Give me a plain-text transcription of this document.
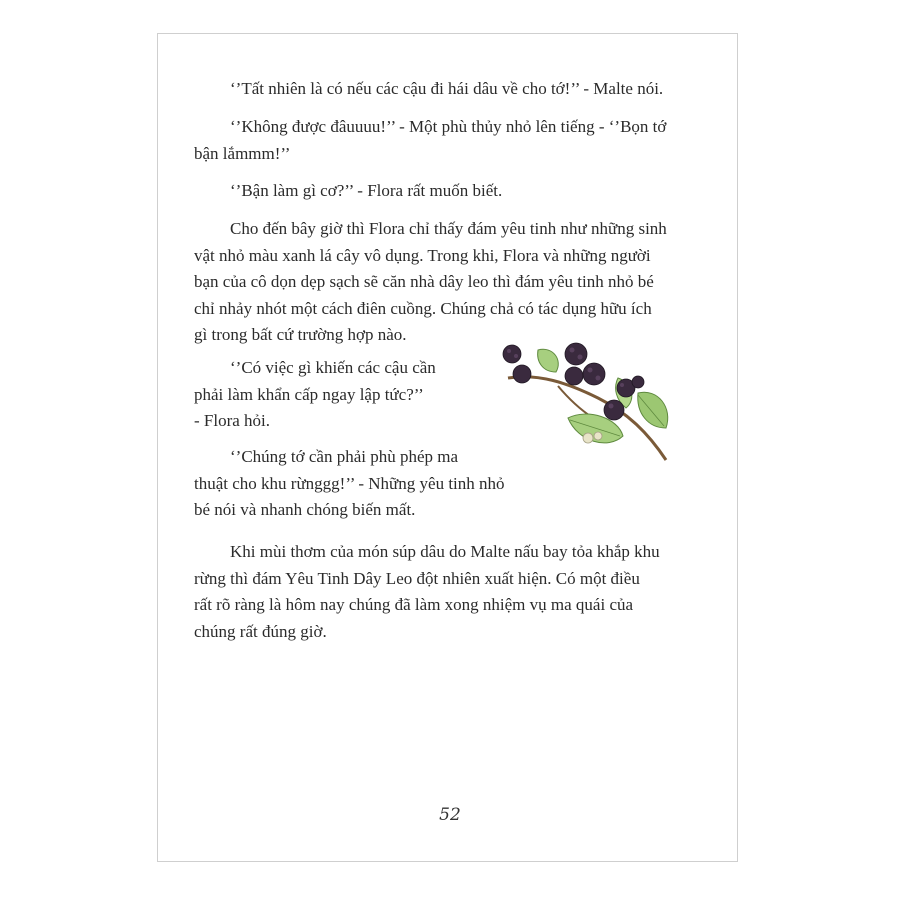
‘’Tất nhiên là có nếu các cậu đi hái dâu về cho tớ!’’ - Malte nói.

‘’Không được đâuuuu!’’ - Một phù thủy nhỏ lên tiếng - ‘’Bọn tớ
bận lắmmm!’’

‘’Bận làm gì cơ?’’ - Flora rất muốn biết.

Cho đến bây giờ thì Flora chỉ thấy đám yêu tinh như những sinh
vật nhỏ màu xanh lá cây vô dụng. Trong khi, Flora và những người
bạn của cô dọn dẹp sạch sẽ căn nhà dây leo thì đám yêu tinh nhỏ bé
chỉ nhảy nhót một cách điên cuồng. Chúng chả có tác dụng hữu ích
gì trong bất cứ trường hợp nào.

‘’Có việc gì khiến các cậu cần
phải làm khẩn cấp ngay lập tức?’’
- Flora hỏi.

‘’Chúng tớ cần phải phù phép ma
thuật cho khu rừnggg!’’ - Những yêu tinh nhỏ
bé nói và nhanh chóng biến mất.

Khi mùi thơm của món súp dâu do Malte nấu bay tỏa khắp khu
rừng thì đám Yêu Tinh Dây Leo đột nhiên xuất hiện. Có một điều
rất rõ ràng là hôm nay chúng đã làm xong nhiệm vụ ma quái của
chúng rất đúng giờ.

52
